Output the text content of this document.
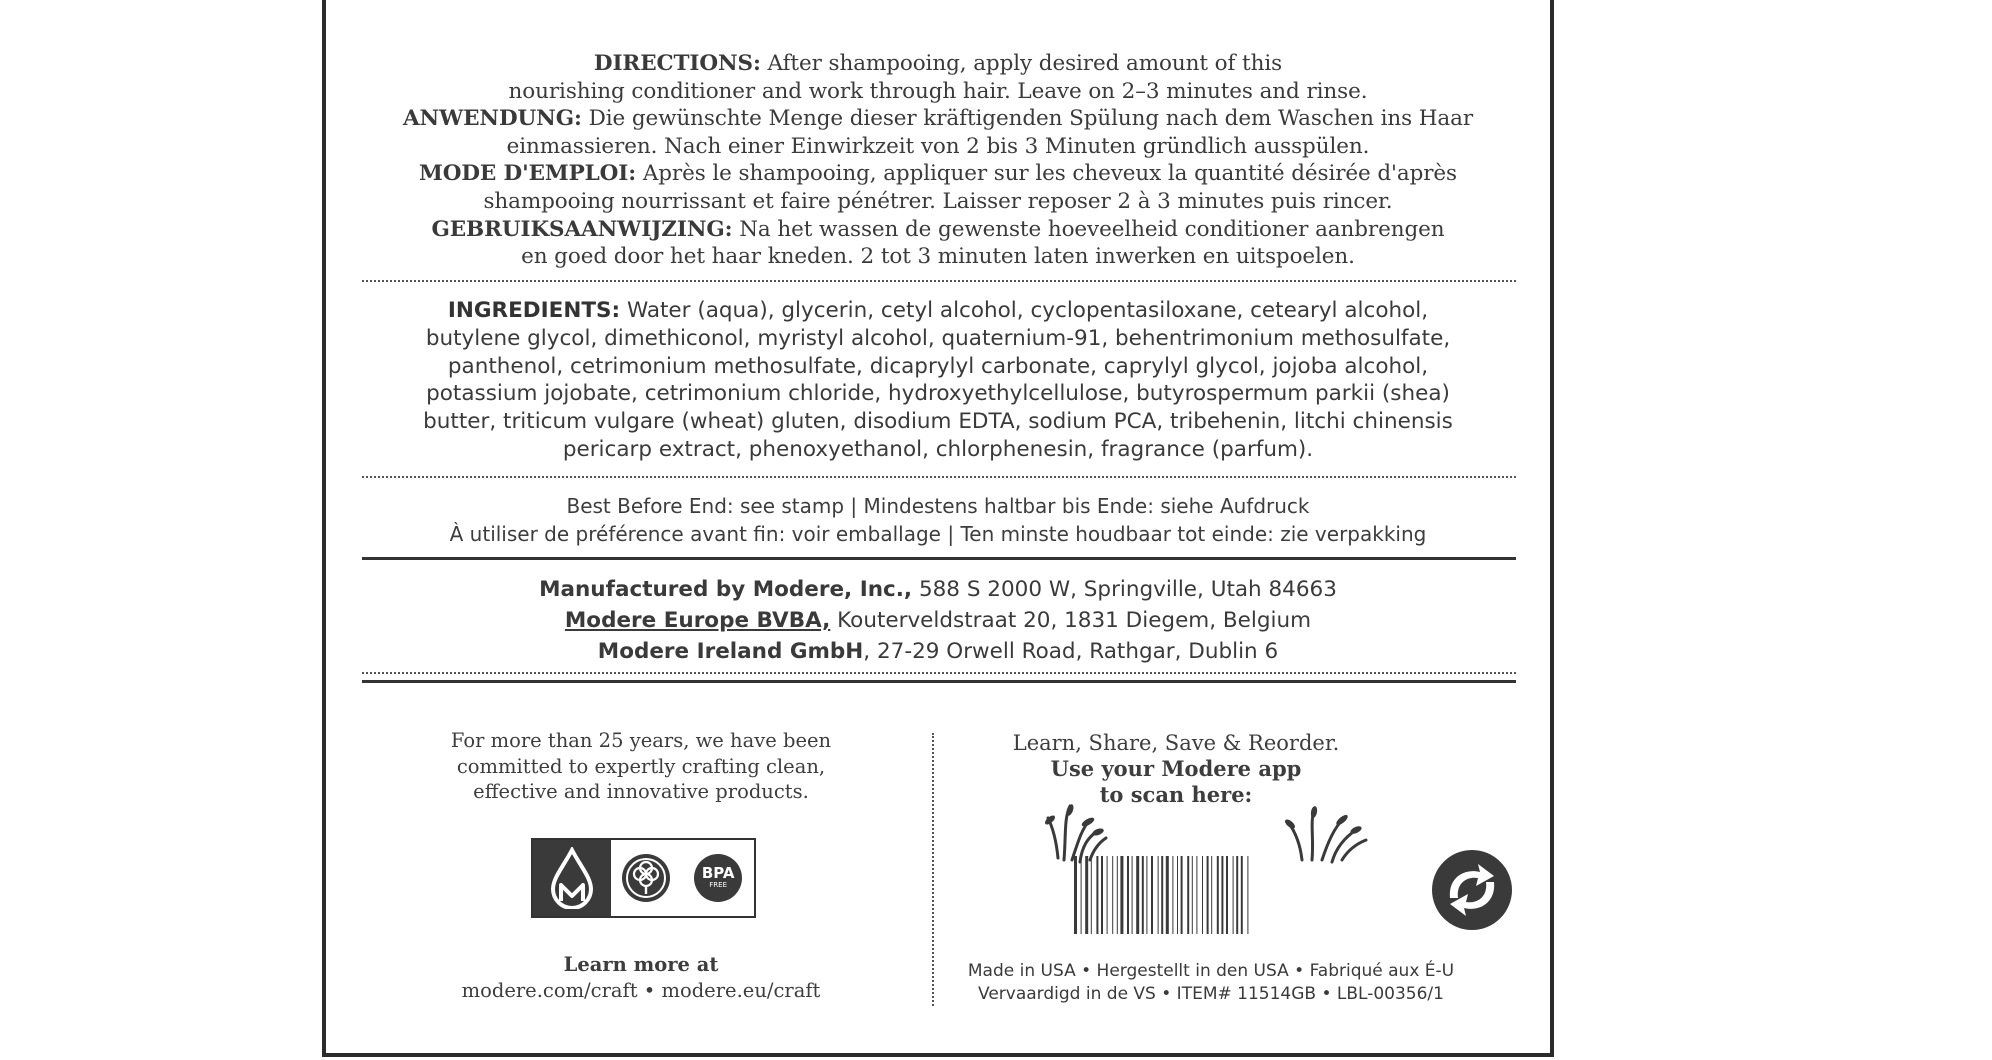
DIRECTIONS: After shampooing, apply desired amount of this
nourishing conditioner and work through hair. Leave on 2–3 minutes and rinse.
ANWENDUNG: Die gewünschte Menge dieser kräftigenden Spülung nach dem Waschen ins Haar
einmassieren. Nach einer Einwirkzeit von 2 bis 3 Minuten gründlich ausspülen.
MODE D'EMPLOI: Après le shampooing, appliquer sur les cheveux la quantité désirée d'après
shampooing nourrissant et faire pénétrer. Laisser reposer 2 à 3 minutes puis rincer.
GEBRUIKSAANWIJZING: Na het wassen de gewenste hoeveelheid conditioner aanbrengen
en goed door het haar kneden. 2 tot 3 minuten laten inwerken en uitspoelen.
INGREDIENTS: Water (aqua), glycerin, cetyl alcohol, cyclopentasiloxane, cetearyl alcohol,
butylene glycol, dimethiconol, myristyl alcohol, quaternium-91, behentrimonium methosulfate,
panthenol, cetrimonium methosulfate, dicaprylyl carbonate, caprylyl glycol, jojoba alcohol,
potassium jojobate, cetrimonium chloride, hydroxyethylcellulose, butyrospermum parkii (shea)
butter, triticum vulgare (wheat) gluten, disodium EDTA, sodium PCA, tribehenin, litchi chinensis
pericarp extract, phenoxyethanol, chlorphenesin, fragrance (parfum).
Best Before End: see stamp | Mindestens haltbar bis Ende: siehe Aufdruck
À utiliser de préférence avant fin: voir emballage | Ten minste houdbaar tot einde: zie verpakking
Manufactured by Modere, Inc., 588 S 2000 W, Springville, Utah 84663
Modere Europe BVBA, Kouterveldstraat 20, 1831 Diegem, Belgium
Modere Ireland GmbH, 27-29 Orwell Road, Rathgar, Dublin 6
For more than 25 years, we have been
committed to expertly crafting clean,
effective and innovative products.
BPA
FREE
Learn more at
modere.com/craft • modere.eu/craft
Learn, Share, Save & Reorder.
Use your Modere app
to scan here:
Made in USA • Hergestellt in den USA • Fabriqué aux É-U
Vervaardigd in de VS • ITEM# 11514GB • LBL-00356/1
